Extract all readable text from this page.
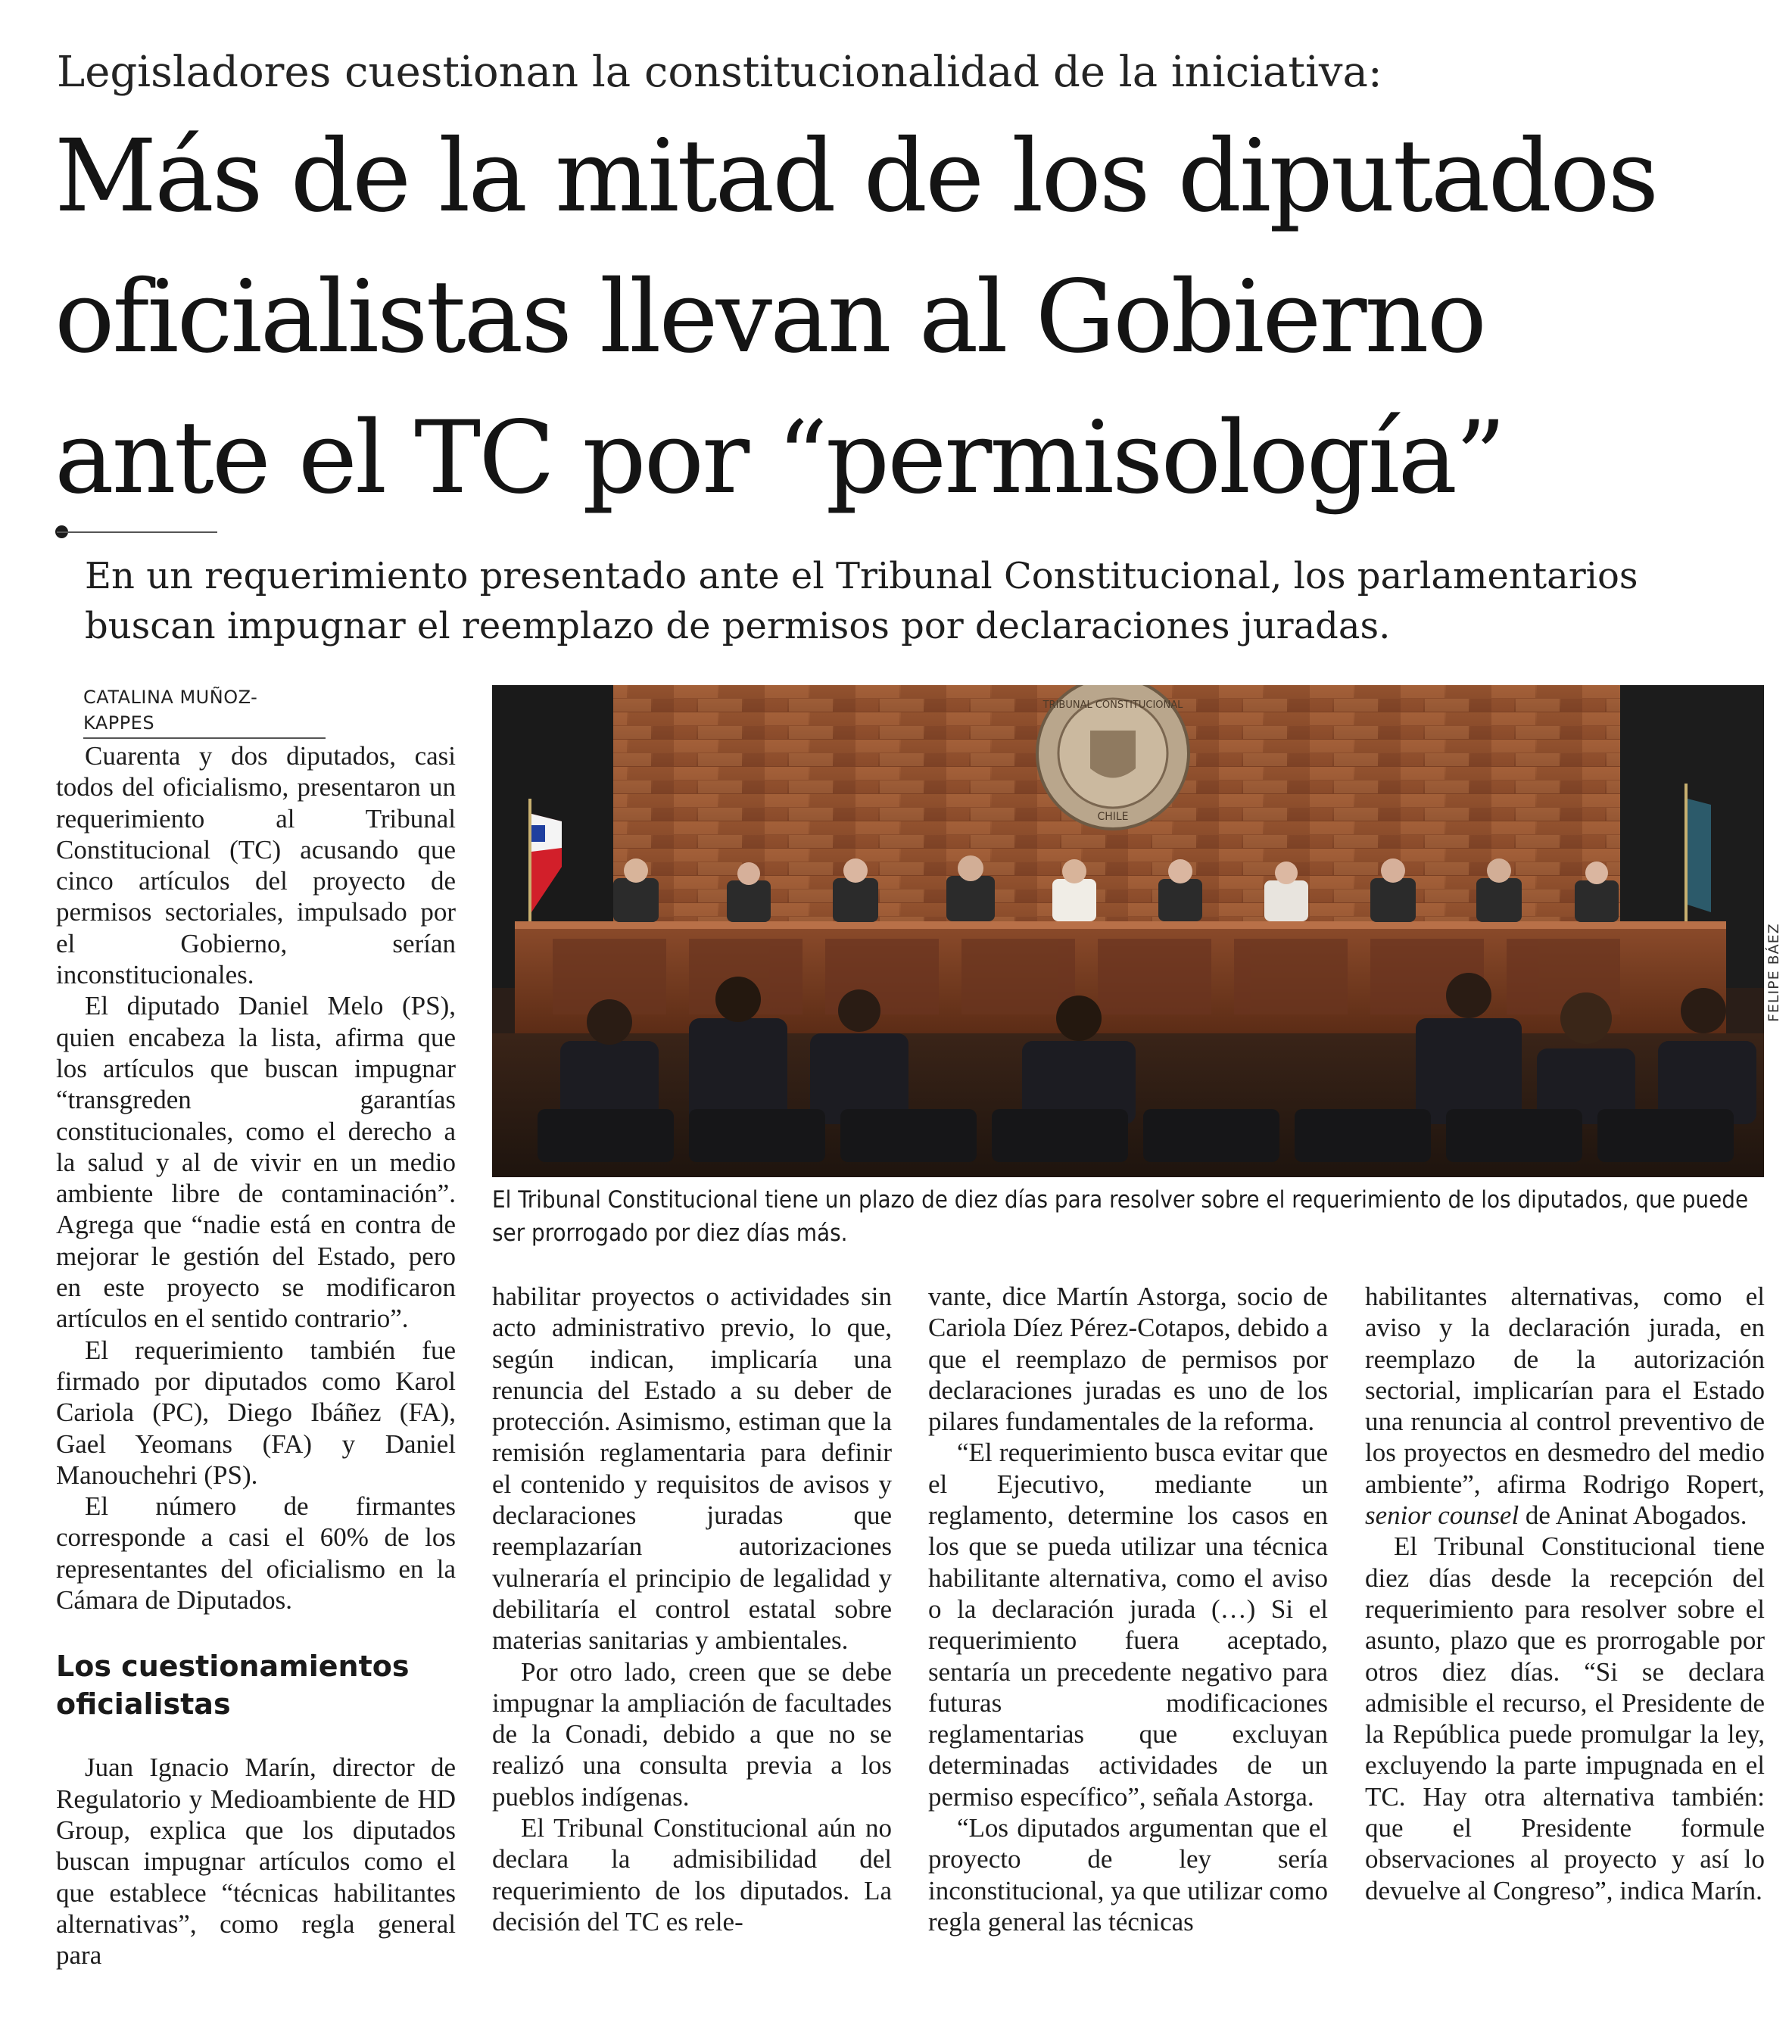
Legisladores cuestionan la constitucionalidad de la iniciativa:
Más de la mitad de los diputados
oficialistas llevan al Gobierno
ante el TC por “permisología”
En un requerimiento presentado ante el Tribunal Constitucional, los parlamentarios
buscan impugnar el reemplazo de permisos por declaraciones juradas.
CATALINA MUÑOZ-KAPPES
TRIBUNAL CONSTITUCIONAL
CHILE
FELIPE BÁEZ
El Tribunal Constitucional tiene un plazo de diez días para resolver sobre el requerimiento de los diputados, que puede ser prorrogado por diez días más.

Cuarenta y dos diputados, casi todos del oficialismo, presentaron un requerimiento al Tribunal Constitucional (TC) acusando que cinco artículos del proyecto de permisos sectoriales, impulsado por el Gobierno, serían inconstitucionales.

El diputado Daniel Melo (PS), quien encabeza la lista, afirma que los artículos que buscan impugnar “transgreden garantías constitucionales, como el derecho a la salud y al de vivir en un medio ambiente libre de contaminación”. Agrega que “nadie está en contra de mejorar le gestión del Estado, pero en este proyecto se modificaron artículos en el sentido contrario”.

El requerimiento también fue firmado por diputados como Karol Cariola (PC), Diego Ibáñez (FA), Gael Yeomans (FA) y Daniel Manouchehri (PS).

El número de firmantes corresponde a casi el 60% de los representantes del oficialismo en la Cámara de Diputados.

Los cuestionamientos oficialistas

Juan Ignacio Marín, director de Regulatorio y Medioambiente de HD Group, explica que los diputados buscan impugnar artículos como el que establece “técnicas habilitantes alternativas”, como regla general para

habilitar proyectos o actividades sin acto administrativo previo, lo que, según indican, implicaría una renuncia del Estado a su deber de protección. Asimismo, estiman que la remisión reglamentaria para definir el contenido y requisitos de avisos y declaraciones juradas que reemplazarían autorizaciones vulneraría el principio de legalidad y debilitaría el control estatal sobre materias sanitarias y ambientales.

Por otro lado, creen que se debe impugnar la ampliación de facultades de la Conadi, debido a que no se realizó una consulta previa a los pueblos indígenas.

El Tribunal Constitucional aún no declara la admisibilidad del requerimiento de los diputados. La decisión del TC es rele-

vante, dice Martín Astorga, socio de Cariola Díez Pérez-Cotapos, debido a que el reemplazo de permisos por declaraciones juradas es uno de los pilares fundamentales de la reforma.

“El requerimiento busca evitar que el Ejecutivo, mediante un reglamento, determine los casos en los que se pueda utilizar una técnica habilitante alternativa, como el aviso o la declaración jurada (…) Si el requerimiento fuera aceptado, sentaría un precedente negativo para futuras modificaciones reglamentarias que excluyan determinadas actividades de un permiso específico”, señala Astorga.

“Los diputados argumentan que el proyecto de ley sería inconstitucional, ya que utilizar como regla general las técnicas

habilitantes alternativas, como el aviso y la declaración jurada, en reemplazo de la autorización sectorial, implicarían para el Estado una renuncia al control preventivo de los proyectos en desmedro del medio ambiente”, afirma Rodrigo Ropert, senior counsel de Aninat Abogados.

El Tribunal Constitucional tiene diez días desde la recepción del requerimiento para resolver sobre el asunto, plazo que es prorrogable por otros diez días. “Si se declara admisible el recurso, el Presidente de la República puede promulgar la ley, excluyendo la parte impugnada en el TC. Hay otra alternativa también: que el Presidente formule observaciones al proyecto y así lo devuelve al Congreso”, indica Marín.
